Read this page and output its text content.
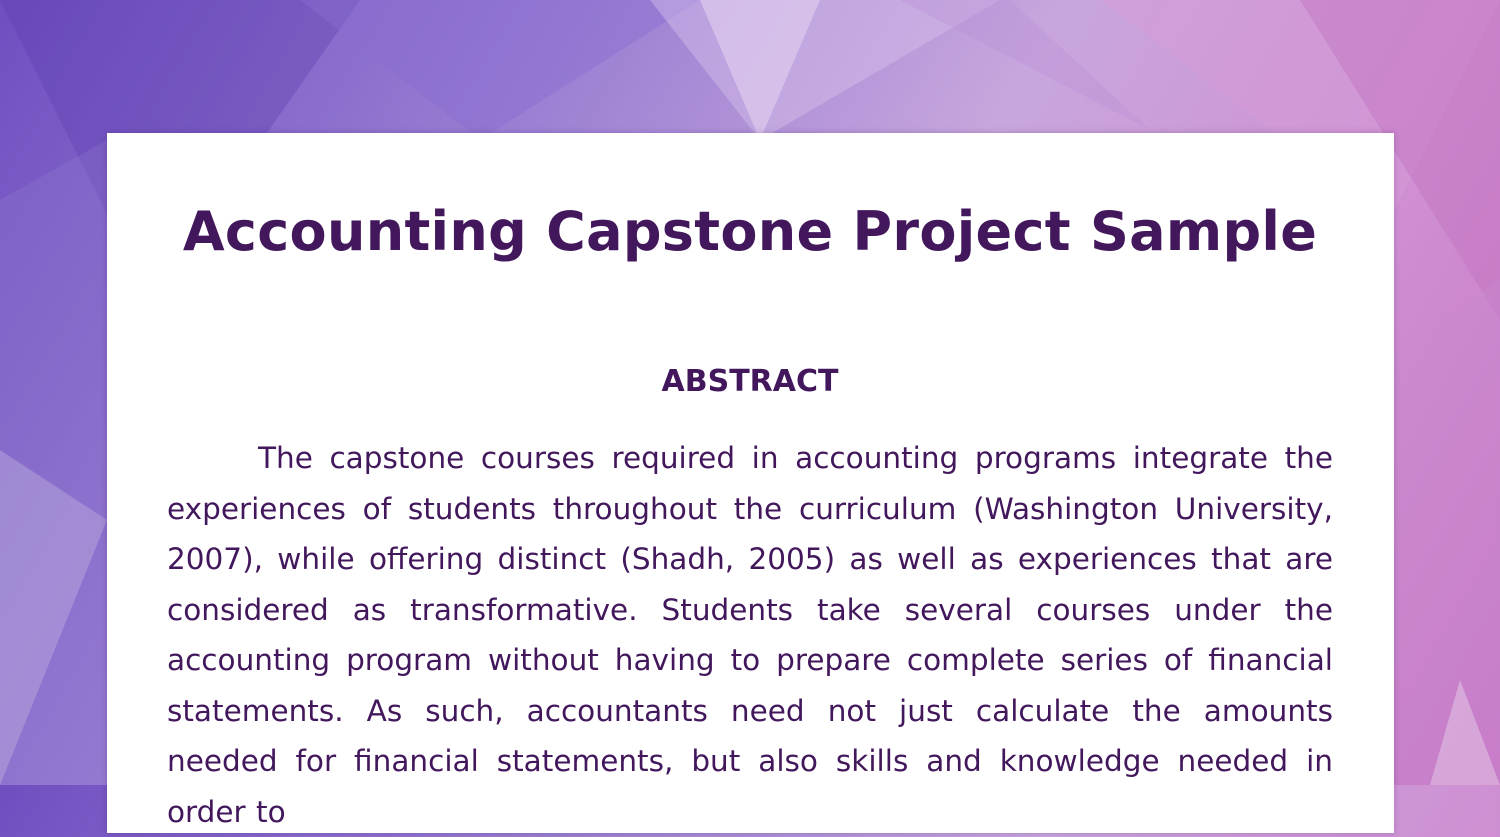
Accounting Capstone Project Sample
ABSTRACT

The capstone courses required in accounting programs integrate the experiences of students throughout the curriculum (Washington University, 2007), while offering distinct (Shadh, 2005) as well as experiences that are considered as transformative. Students take several courses under the accounting program without having to prepare complete series of financial statements. As such, accountants need not just calculate the amounts needed for financial statements, but also skills and knowledge needed in order to
